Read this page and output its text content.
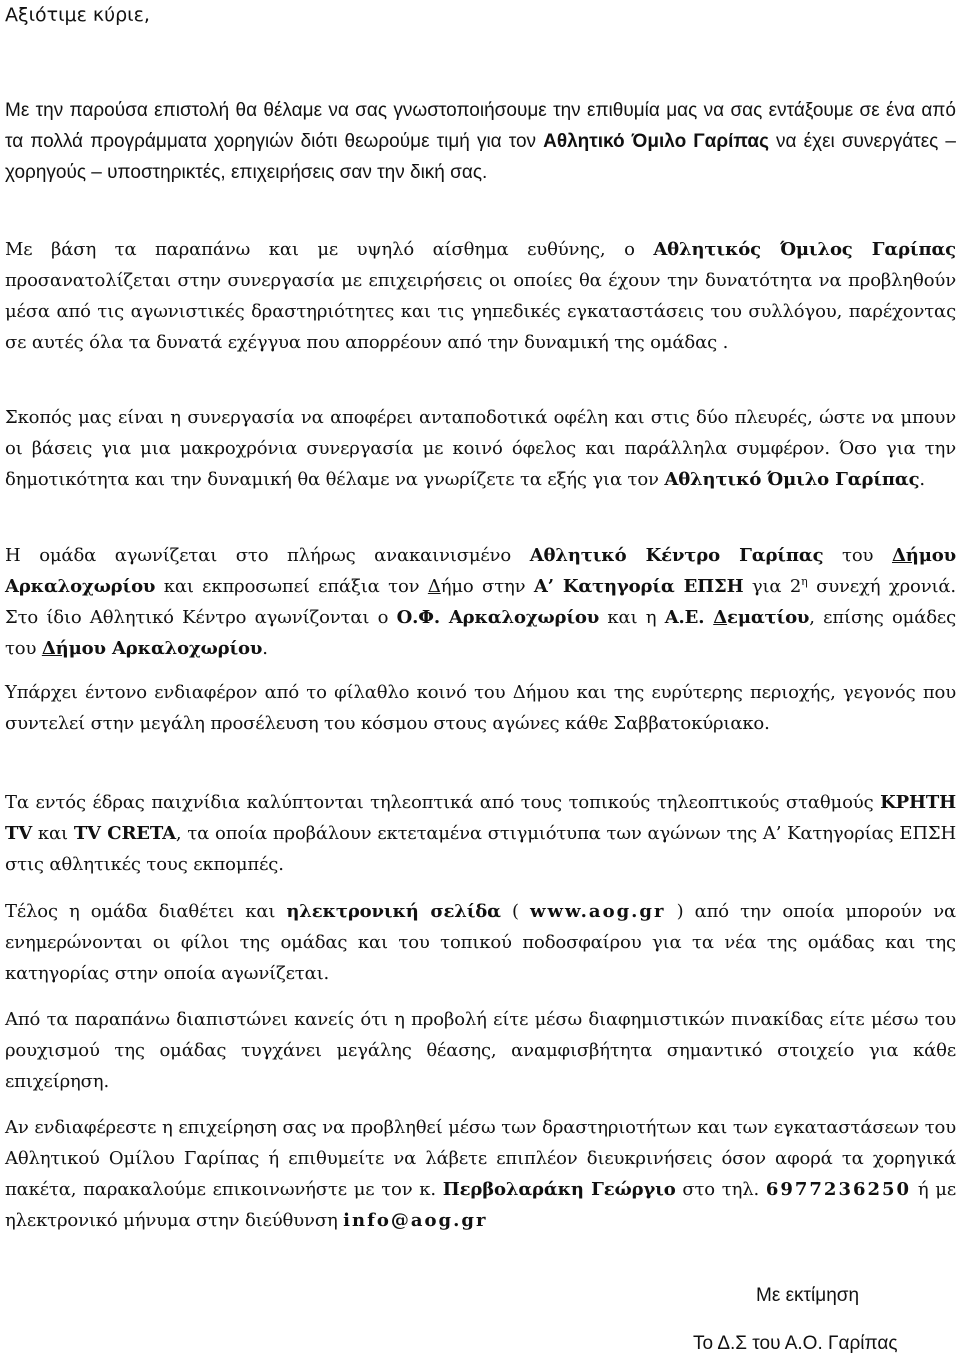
Αξιότιμε κύριε,

Με την παρούσα επιστολή θα θέλαμε να σας γνωστοποιήσουμε την επιθυμία μας να σας εντάξουμε σε ένα από τα πολλά προγράμματα χορηγιών διότι θεωρούμε τιμή για τον Αθλητικό Όμιλο Γαρίπας να έχει συνεργάτες – χορηγούς – υποστηρικτές, επιχειρήσεις σαν την δική σας.

Με βάση τα παραπάνω και με υψηλό αίσθημα ευθύνης, ο Αθλητικός Όμιλος Γαρίπας προσανατολίζεται στην συνεργασία με επιχειρήσεις οι οποίες θα έχουν την δυνατότητα να προβληθούν μέσα από τις αγωνιστικές δραστηριότητες και τις γηπεδικές εγκαταστάσεις του συλλόγου, παρέχοντας σε αυτές όλα τα δυνατά εχέγγυα που απορρέουν από την δυναμική της ομάδας .

Σκοπός μας είναι η συνεργασία να αποφέρει ανταποδοτικά οφέλη και στις δύο πλευρές, ώστε να μπουν οι βάσεις για μια μακροχρόνια συνεργασία με κοινό όφελος και παράλληλα συμφέρον. Όσο για την δημοτικότητα και την δυναμική θα θέλαμε να γνωρίζετε τα εξής για τον Αθλητικό Όμιλο Γαρίπας.

Η ομάδα αγωνίζεται στο πλήρως ανακαινισμένο Αθλητικό Κέντρο Γαρίπας του Δήμου Αρκαλοχωρίου και εκπροσωπεί επάξια τον Δήμο στην Α’ Κατηγορία ΕΠΣΗ για $2^\eta$ συνεχή χρονιά. Στο ίδιο Αθλητικό Κέντρο αγωνίζονται ο Ο.Φ. Αρκαλοχωρίου και η Α.Ε. Δεματίου, επίσης ομάδες του Δήμου Αρκαλοχωρίου.

Υπάρχει έντονο ενδιαφέρον από το φίλαθλο κοινό του Δήμου και της ευρύτερης περιοχής, γεγονός που συντελεί στην μεγάλη προσέλευση του κόσμου στους αγώνες κάθε Σαββατοκύριακο.

Τα εντός έδρας παιχνίδια καλύπτονται τηλεοπτικά από τους τοπικούς τηλεοπτικούς σταθμούς ΚΡΗΤΗ TV και TV CRETA, τα οποία προβάλουν εκτεταμένα στιγμιότυπα των αγώνων της Α’ Κατηγορίας ΕΠΣΗ στις αθλητικές τους εκπομπές.

Τέλος η ομάδα διαθέτει και ηλεκτρονική σελίδα ( www.aog.gr ) από την οποία μπορούν να ενημερώνονται οι φίλοι της ομάδας και του τοπικού ποδοσφαίρου για τα νέα της ομάδας και της κατηγορίας στην οποία αγωνίζεται.

Από τα παραπάνω διαπιστώνει κανείς ότι η προβολή είτε μέσω διαφημιστικών πινακίδας είτε μέσω του ρουχισμού της ομάδας τυγχάνει μεγάλης θέασης, αναμφισβήτητα σημαντικό στοιχείο για κάθε επιχείρηση.

Αν ενδιαφέρεστε η επιχείρηση σας να προβληθεί μέσω των δραστηριοτήτων και των εγκαταστάσεων του Αθλητικού Ομίλου Γαρίπας ή επιθυμείτε να λάβετε επιπλέον διευκρινήσεις όσον αφορά τα χορηγικά πακέτα, παρακαλούμε επικοινωνήστε με τον κ. Περβολαράκη Γεώργιο στο τηλ. 6977236250 ή με ηλεκτρονικό μήνυμα στην διεύθυνση info@aog.gr

Με εκτίμηση
Το Δ.Σ του Α.Ο. Γαρίπας
